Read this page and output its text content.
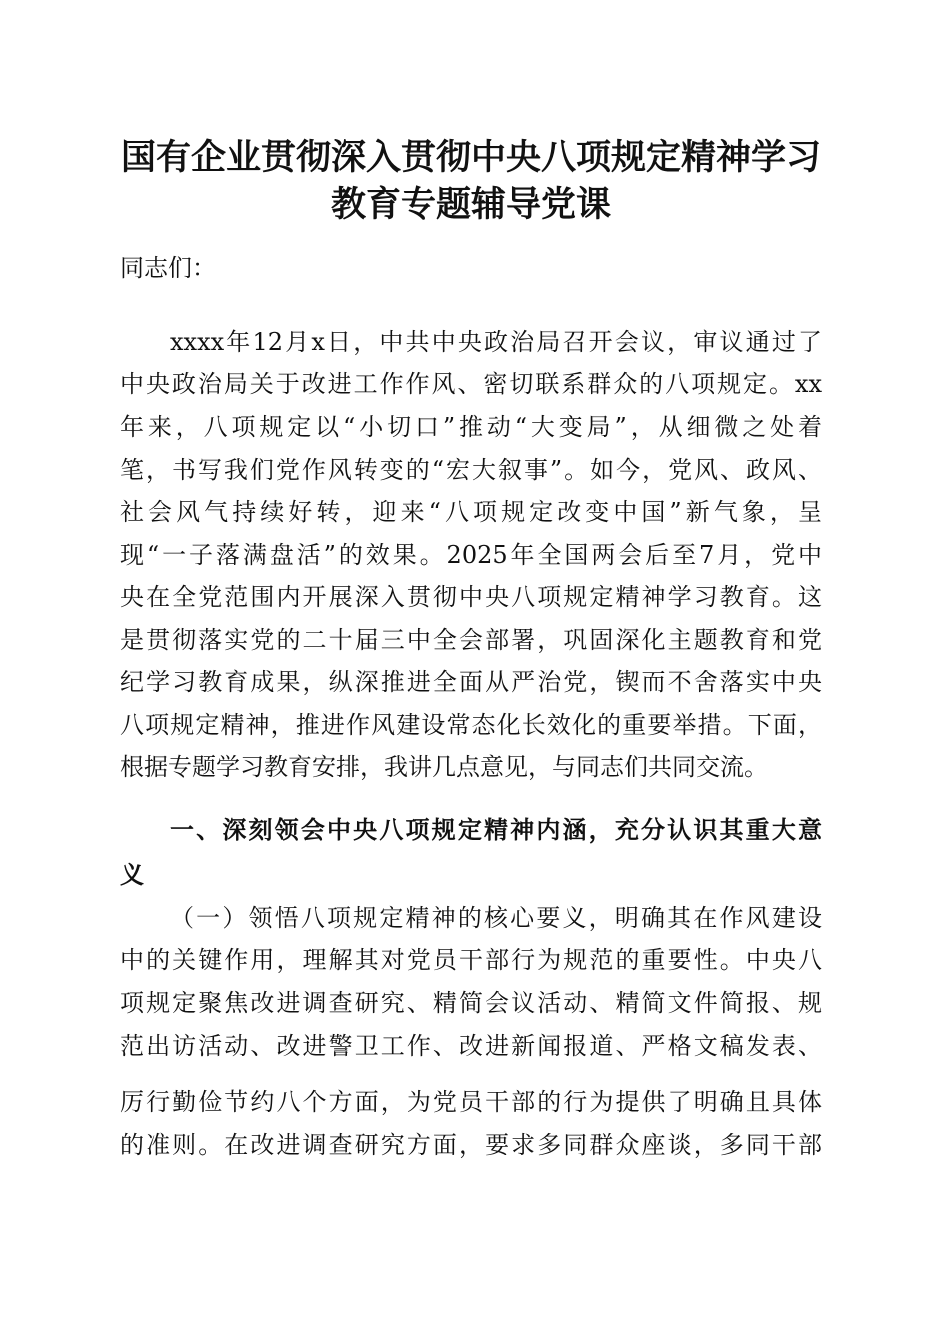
国有企业贯彻深入贯彻中央八项规定精神学习
教育专题辅导党课
同志们：
xxxx年12月x日，中共中央政治局召开会议，审议通过了
中央政治局关于改进工作作风、密切联系群众的八项规定。xx
年来，八项规定以“小切口”推动“大变局”，从细微之处着
笔，书写我们党作风转变的“宏大叙事”。如今，党风、政风、
社会风气持续好转，迎来“八项规定改变中国”新气象，呈
现“一子落满盘活”的效果。2025年全国两会后至7月，党中
央在全党范围内开展深入贯彻中央八项规定精神学习教育。这
是贯彻落实党的二十届三中全会部署，巩固深化主题教育和党
纪学习教育成果，纵深推进全面从严治党，锲而不舍落实中央
八项规定精神，推进作风建设常态化长效化的重要举措。下面，
根据专题学习教育安排，我讲几点意见，与同志们共同交流。
一、深刻领会中央八项规定精神内涵，充分认识其重大意
义
（一）领悟八项规定精神的核心要义，明确其在作风建设
中的关键作用，理解其对党员干部行为规范的重要性。中央八
项规定聚焦改进调查研究、精简会议活动、精简文件简报、规
范出访活动、改进警卫工作、改进新闻报道、严格文稿发表、
厉行勤俭节约八个方面，为党员干部的行为提供了明确且具体
的准则。在改进调查研究方面，要求多同群众座谈，多同干部
